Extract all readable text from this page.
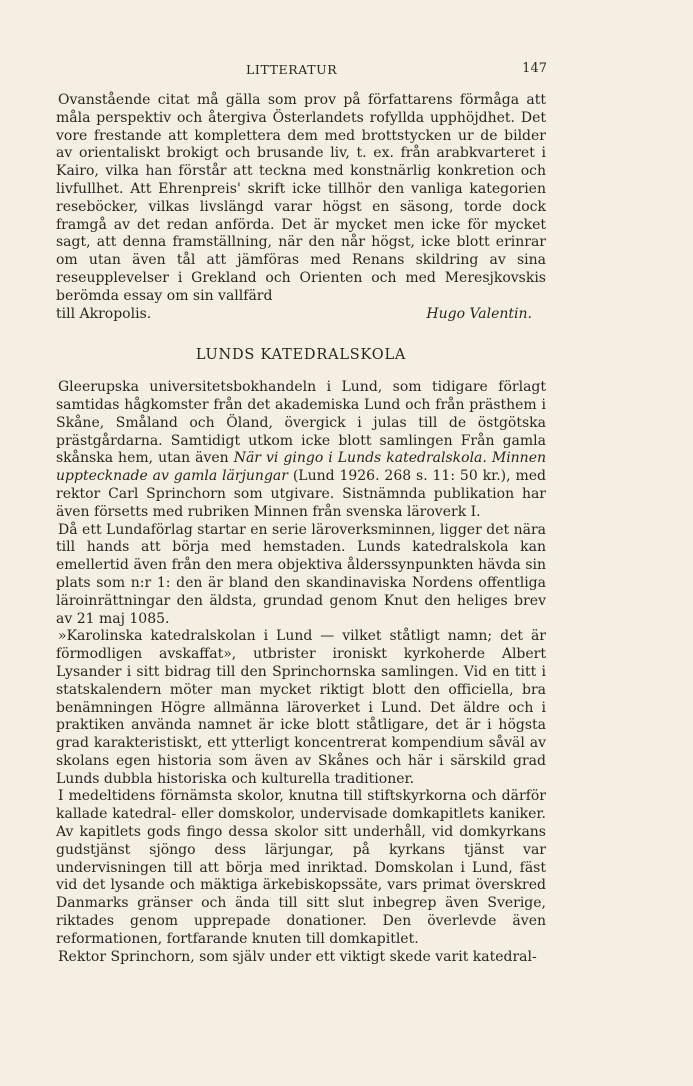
LITTERATUR	147

Ovanstående citat må gälla som prov på författarens förmåga att måla perspektiv och återgiva Österlandets rofyllda upphöjdhet. Det vore frestande att komplettera dem med brottstycken ur de bilder av orientaliskt brokigt och brusande liv, t. ex. från arabkvarteret i Kairo, vilka han förstår att teckna med konstnärlig konkretion och livfullhet. Att Ehrenpreis' skrift icke tillhör den vanliga kategorien reseböcker, vilkas livslängd varar högst en säsong, torde dock framgå av det redan anförda. Det är mycket men icke för mycket sagt, att denna framställning, när den når högst, icke blott erinrar om utan även tål att jämföras med Renans skildring av sina reseupplevelser i Grekland och Orienten och med Meresjkovskis berömda essay om sin vallfärd

till Akropolis.	Hugo Valentin.
LUNDS KATEDRALSKOLA

Gleerupska universitetsbokhandeln i Lund, som tidigare förlagt samtidas hågkomster från det akademiska Lund och från prästhem i Skåne, Småland och Öland, övergick i julas till de östgötska prästgårdarna. Samtidigt utkom icke blott samlingen Från gamla skånska hem, utan även När vi gingo i Lunds katedralskola. Minnen upptecknade av gamla lärjungar (Lund 1926. 268 s. 11: 50 kr.), med rektor Carl Sprinchorn som utgivare. Sistnämnda publikation har även försetts med rubriken Minnen från svenska läroverk I.

Då ett Lundaförlag startar en serie läroverksminnen, ligger det nära till hands att börja med hemstaden. Lunds katedralskola kan emellertid även från den mera objektiva ålderssynpunkten hävda sin plats som n:r 1: den är bland den skandinaviska Nordens offentliga läroinrättningar den äldsta, grundad genom Knut den heliges brev av 21 maj 1085.

»Karolinska katedralskolan i Lund — vilket ståtligt namn; det är förmodligen avskaffat», utbrister ironiskt kyrkoherde Albert Lysander i sitt bidrag till den Sprinchornska samlingen. Vid en titt i statskalendern möter man mycket riktigt blott den officiella, bra benämningen Högre allmänna läroverket i Lund. Det äldre och i praktiken använda namnet är icke blott ståtligare, det är i högsta grad karakteristiskt, ett ytterligt koncentrerat kompendium såväl av skolans egen historia som även av Skånes och här i särskild grad Lunds dubbla historiska och kulturella traditioner.

I medeltidens förnämsta skolor, knutna till stiftskyrkorna och därför kallade katedral- eller domskolor, undervisade domkapitlets kaniker. Av kapitlets gods fingo dessa skolor sitt underhåll, vid domkyrkans gudstjänst sjöngo dess lärjungar, på kyrkans tjänst var undervisningen till att börja med inriktad. Domskolan i Lund, fäst vid det lysande och mäktiga ärkebiskopssäte, vars primat överskred Danmarks gränser och ända till sitt slut inbegrep även Sverige, riktades genom upprepade donationer. Den överlevde även reformationen, fortfarande knuten till domkapitlet.

Rektor Sprinchorn, som själv under ett viktigt skede varit katedral-
